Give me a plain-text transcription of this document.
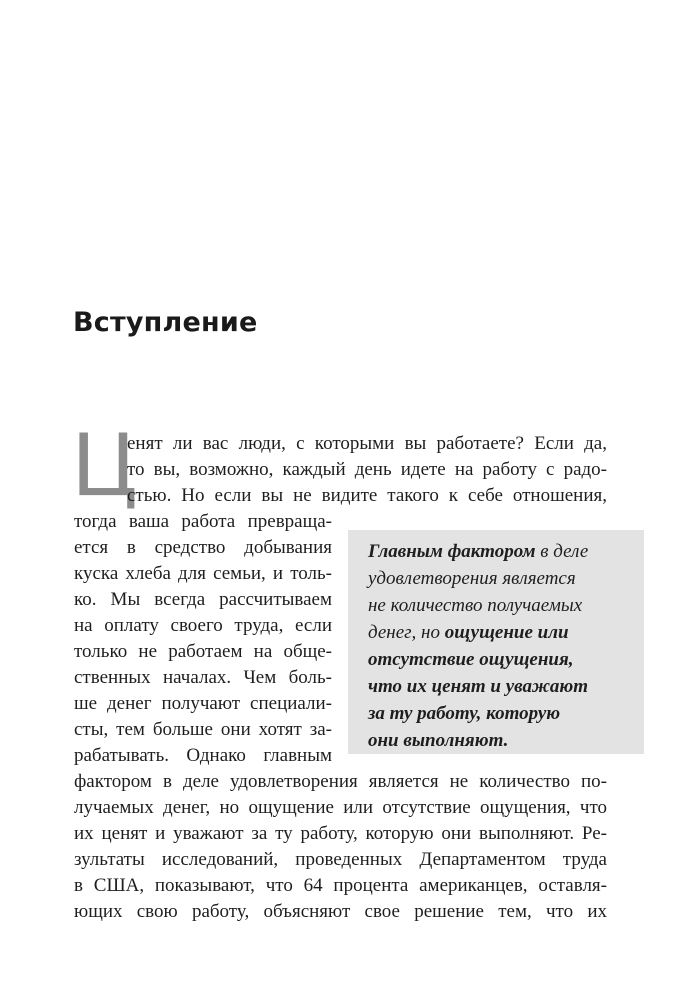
Вступление
Ц
енят ли вас люди, с которыми вы работаете? Если да,
то вы, возможно, каждый день идете на работу с радо-
стью. Но если вы не видите такого к себе отношения,
тогда ваша работа превраща-
ется в средство добывания
куска хлеба для семьи, и толь-
ко. Мы всегда рассчитываем
на оплату своего труда, если
только не работаем на обще-
ственных началах. Чем боль-
ше денег получают специали-
сты, тем больше они хотят за-
рабатывать. Однако главным
фактором в деле удовлетворения является не количество по-
лучаемых денег, но ощущение или отсутствие ощущения, что
их ценят и уважают за ту работу, которую они выполняют. Ре-
зультаты исследований, проведенных Департаментом труда
в США, показывают, что 64 процента американцев, оставля-
ющих свою работу, объясняют свое решение тем, что их
Главным фактором в деле
удовлетворения является
не количество получаемых
денег, но ощущение или
отсутствие ощущения,
что их ценят и уважают
за ту работу, которую
они выполняют.
